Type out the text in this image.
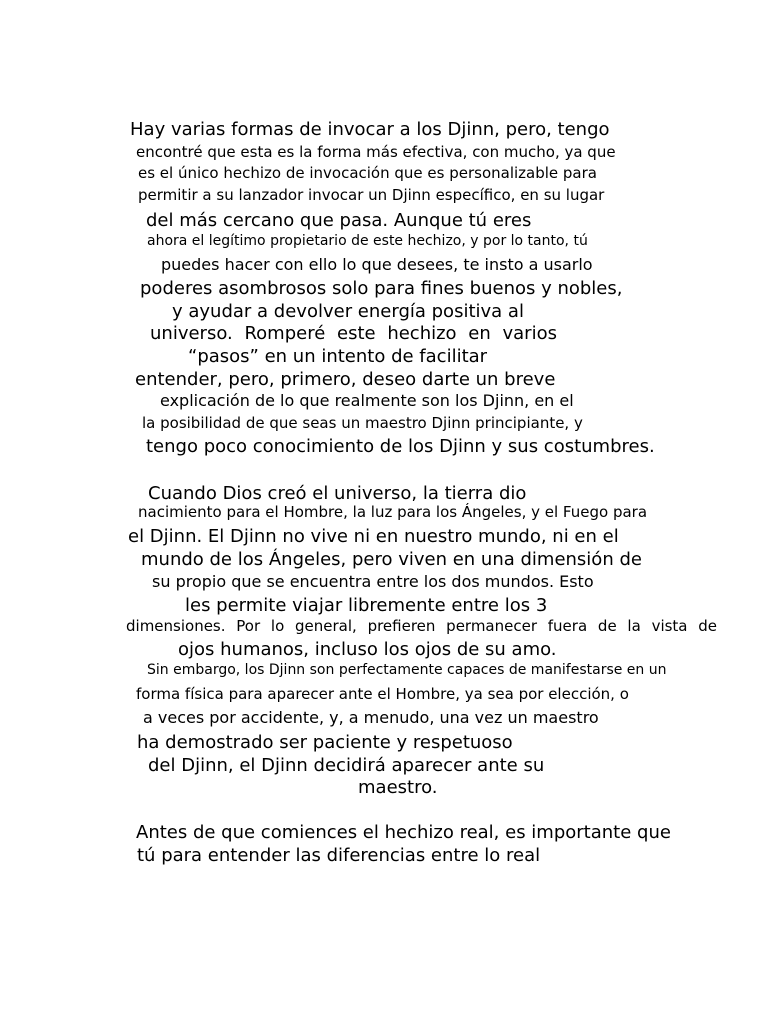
Hay varias formas de invocar a los Djinn, pero, tengo
encontré que esta es la forma más efectiva, con mucho, ya que
es el único hechizo de invocación que es personalizable para
permitir a su lanzador invocar un Djinn específico, en su lugar
del más cercano que pasa. Aunque tú eres
ahora el legítimo propietario de este hechizo, y por lo tanto, tú
puedes hacer con ello lo que desees, te insto a usarlo
poderes asombrosos solo para fines buenos y nobles,
y ayudar a devolver energía positiva al
universo. Romperé este hechizo en varios
“pasos” en un intento de facilitar
entender, pero, primero, deseo darte un breve
explicación de lo que realmente son los Djinn, en el
la posibilidad de que seas un maestro Djinn principiante, y
tengo poco conocimiento de los Djinn y sus costumbres.
Cuando Dios creó el universo, la tierra dio
nacimiento para el Hombre, la luz para los Ángeles, y el Fuego para
el Djinn. El Djinn no vive ni en nuestro mundo, ni en el
mundo de los Ángeles, pero viven en una dimensión de
su propio que se encuentra entre los dos mundos. Esto
les permite viajar libremente entre los 3
dimensiones. Por lo general, prefieren permanecer fuera de la vista de
ojos humanos, incluso los ojos de su amo.
Sin embargo, los Djinn son perfectamente capaces de manifestarse en un
forma física para aparecer ante el Hombre, ya sea por elección, o
a veces por accidente, y, a menudo, una vez un maestro
ha demostrado ser paciente y respetuoso
del Djinn, el Djinn decidirá aparecer ante su
maestro.
Antes de que comiences el hechizo real, es importante que
tú para entender las diferencias entre lo real
